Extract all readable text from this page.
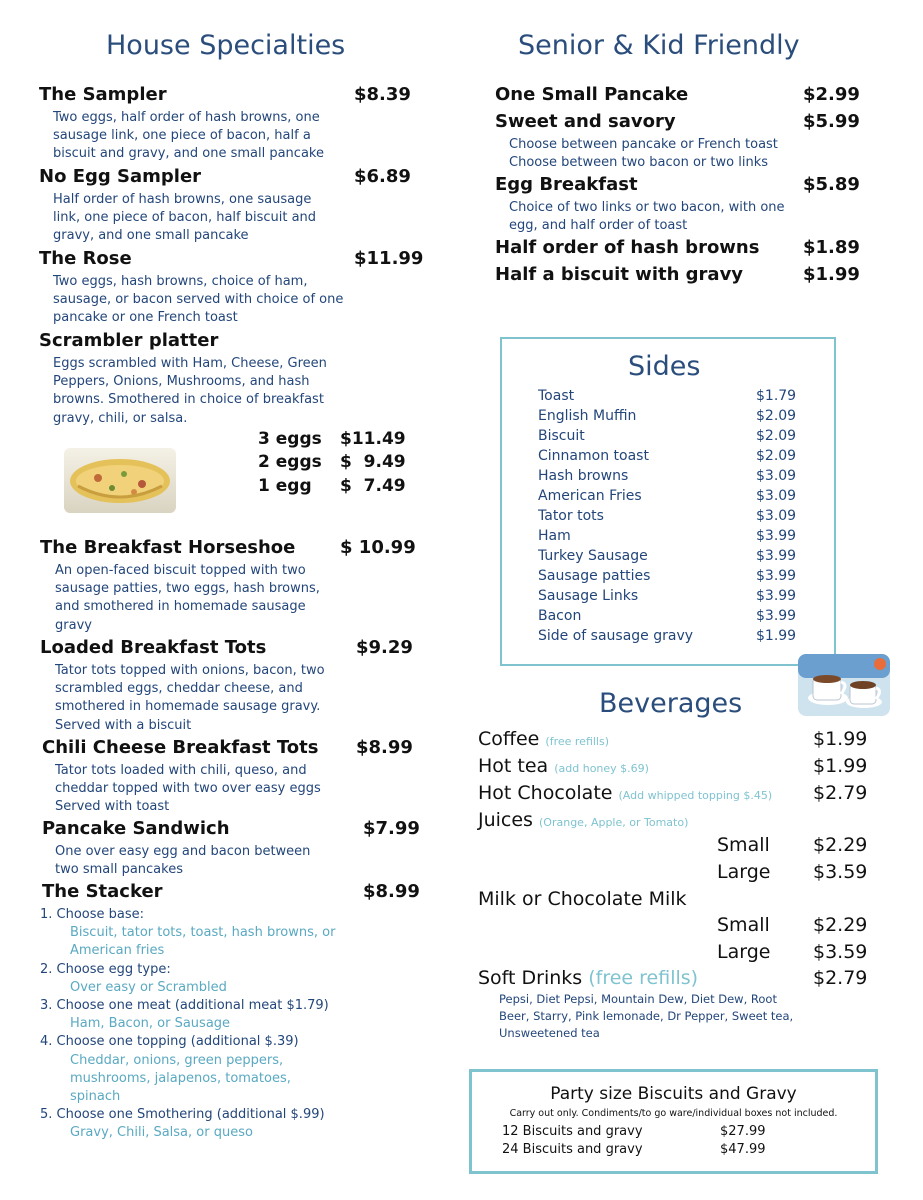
House Specialties
The Sampler	$8.39
Two eggs, half order of hash browns, one
sausage link, one piece of bacon, half a
biscuit and gravy, and one small pancake
No Egg Sampler	$6.89
Half order of hash browns, one sausage
link, one piece of bacon, half biscuit and
gravy, and one small pancake
The Rose	$11.99
Two eggs, hash browns, choice of ham,
sausage, or bacon served with choice of one
pancake or one French toast
Scrambler platter
Eggs scrambled with Ham, Cheese, Green
Peppers, Onions, Mushrooms, and hash
browns. Smothered in choice of breakfast
gravy, chili, or salsa.
3 eggs $11.49
2 eggs $  9.49
1 egg $  7.49
The Breakfast Horseshoe $ 10.99
An open-faced biscuit topped with two
sausage patties, two eggs, hash browns,
and smothered in homemade sausage
gravy
Loaded Breakfast Tots	$9.29
Tator tots topped with onions, bacon, two
scrambled eggs, cheddar cheese, and
smothered in homemade sausage gravy.
Served with a biscuit
Chili Cheese Breakfast Tots $8.99
Tator tots loaded with chili, queso, and
cheddar topped with two over easy eggs
Served with toast
Pancake Sandwich	$7.99
One over easy egg and bacon between
two small pancakes
The Stacker	$8.99
1. Choose base:
Biscuit, tator tots, toast, hash browns, or
American fries
2. Choose egg type:
Over easy or Scrambled
3. Choose one meat (additional meat $1.79)
Ham, Bacon, or Sausage
4. Choose one topping (additional $.39)
Cheddar, onions, green peppers,
mushrooms, jalapenos, tomatoes,
spinach
5. Choose one Smothering (additional $.99)
Gravy, Chili, Salsa, or queso
Senior & Kid Friendly
One Small Pancake	$2.99
Sweet and savory	$5.99
Choose between pancake or French toast
Choose between two bacon or two links
Egg Breakfast	$5.89
Choice of two links or two bacon, with one
egg, and half order of toast
Half order of hash browns $1.89
Half a biscuit with gravy	$1.99
Sides
Toast	$1.79
English Muffin	$2.09
Biscuit	$2.09
Cinnamon toast	$2.09
Hash browns	$3.09
American Fries	$3.09
Tator tots	$3.09
Ham	$3.99
Turkey Sausage	$3.99
Sausage patties	$3.99
Sausage Links	$3.99
Bacon	$3.99
Side of sausage gravy	$1.99
Beverages
Coffee (free refills)	$1.99
Hot tea (add honey $.69)	$1.99
Hot Chocolate (Add whipped topping $.45) $2.79
Juices (Orange, Apple, or Tomato)
Small $2.29
Large $3.59
Milk or Chocolate Milk
Small $2.29
Large $3.59
Soft Drinks (free refills)	$2.79
Pepsi, Diet Pepsi, Mountain Dew, Diet Dew, Root
Beer, Starry, Pink lemonade, Dr Pepper, Sweet tea,
Unsweetened tea
Party size Biscuits and Gravy
Carry out only. Condiments/to go ware/individual boxes not included.
12 Biscuits and gravy	$27.99
24 Biscuits and gravy	$47.99
